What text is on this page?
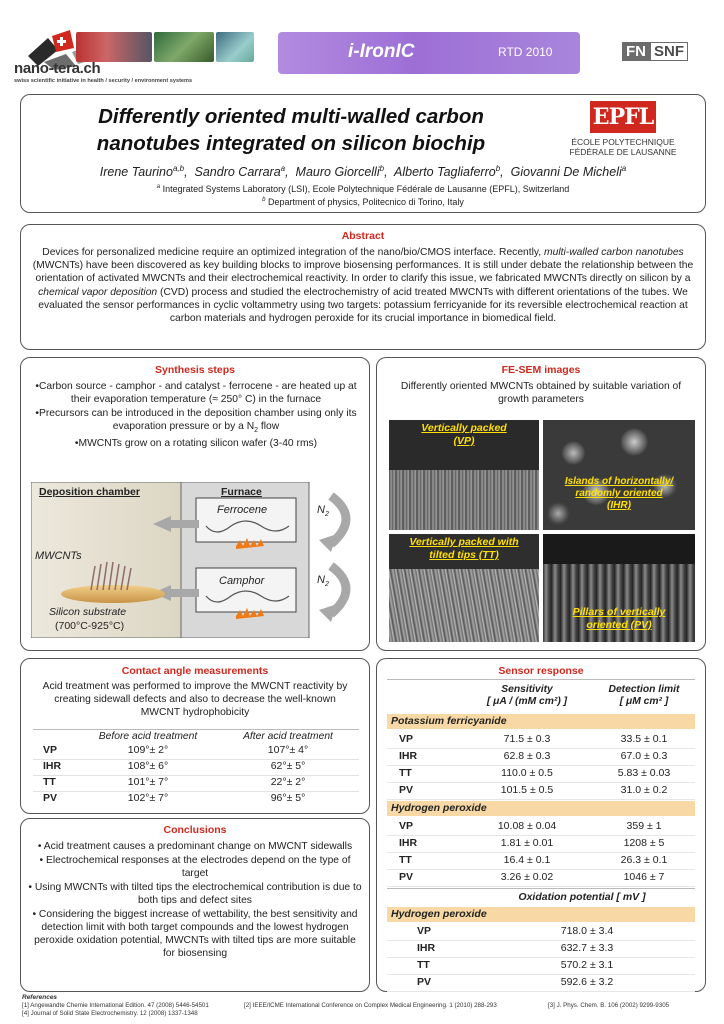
nano-tera.ch
swiss scientific initiative in health / security / environment systems
i-IronIC	RTD 2010	FN SNF
Differently oriented multi-walled carbon
nanotubes integrated on silicon biochip
EPFL
ÉCOLE POLYTECHNIQUE
FÉDÉRALE DE LAUSANNE
Irene Taurino$^{a,b}$,  Sandro Carrara$^a$,  Mauro Giorcelli$^b$,  Alberto Tagliaferro$^b$,  Giovanni De Micheli$^a$
$^a$ Integrated Systems Laboratory (LSI), Ecole Polytechnique Fédérale de Lausanne (EPFL), Switzerland
$^b$ Department of physics, Politecnico di Torino, Italy
Abstract
Devices for personalized medicine require an optimized integration of the nano/bio/CMOS interface. Recently, multi-walled carbon nanotubes (MWCNTs) have been discovered as key building blocks to improve biosensing performances. It is still under debate the relationship between the orientation of activated MWCNTs and their electrochemical reactivity. In order to clarify this issue, we fabricated MWCNTs directly on silicon by a chemical vapor deposition (CVD) process and studied the electrochemistry of acid treated MWCNTs with different orientations of the tubes. We evaluated the sensor performances in cyclic voltammetry using two targets: potassium ferricyanide for its reversible electrochemical reaction at carbon materials and hydrogen peroxide for its crucial importance in biomedical field.
Synthesis steps
•Carbon source - camphor - and catalyst - ferrocene - are heated up at their evaporation temperature (≈ 250° C) in the furnace
•Precursors can be introduced in the deposition chamber using only its evaporation pressure or by a $N_2$ flow
•MWCNTs grow on a rotating silicon wafer (3-40 rms)
Deposition chamber	Furnace
Ferrocene
Camphor
$N_2$
$N_2$
MWCNTs
Silicon substrate
(700°C-925°C)
FE-SEM images
Differently oriented MWCNTs obtained by suitable variation of growth parameters
Vertically packed
(VP)
Islands of horizontally/
randomly oriented
(IHR)
Vertically packed with
tilted tips (TT)
Pillars of vertically
oriented (PV)
Contact angle measurements
Acid treatment was performed to improve the MWCNT reactivity by creating sidewall defects and also to decrease the well-known MWCNT hydrophobicity
Before acid treatment	After acid treatment
VP	109°± 2°	107°± 4°
IHR	108°± 6°	62°± 5°
TT	101°± 7°	22°± 2°
PV	102°± 7°	96°± 5°
Conclusions
• Acid treatment causes a predominant change on MWCNT sidewalls
• Electrochemical responses at the electrodes depend on the type of target
• Using MWCNTs with tilted tips the electrochemical contribution is due to both tips and defect sites
• Considering the biggest increase of wettability, the best sensitivity and detection limit with both target compounds and the lowest hydrogen peroxide oxidation potential, MWCNTs with tilted tips are more suitable for biosensing
Sensor response
Sensitivity
[ μA / (mM cm²) ]
Detection limit
[ μM cm² ]
Potassium ferricyanide
VP	71.5 ± 0.3	33.5 ± 0.1
IHR	62.8 ± 0.3	67.0 ± 0.3
TT	110.0 ± 0.5	5.83 ± 0.03
PV	101.5 ± 0.5	31.0 ± 0.2
Hydrogen peroxide
VP	10.08 ± 0.04	359 ± 1
IHR	1.81 ± 0.01	1208 ± 5
TT	16.4 ± 0.1	26.3 ± 0.1
PV	3.26 ± 0.02	1046 ± 7
Oxidation potential [ mV ]
Hydrogen peroxide
VP	718.0 ± 3.4
IHR	632.7 ± 3.3
TT	570.2 ± 3.1
PV	592.6 ± 3.2
References
[1] Angewandte Chemie International Edition. 47 (2008) 5446-54501	[2] IEEE/ICME International Conference on Complex Medical Engineering. 1 (2010) 288-293	[3] J. Phys. Chem. B. 106 (2002) 9299-9305
[4] Journal of Solid State Electrochemistry. 12 (2008) 1337-1348
